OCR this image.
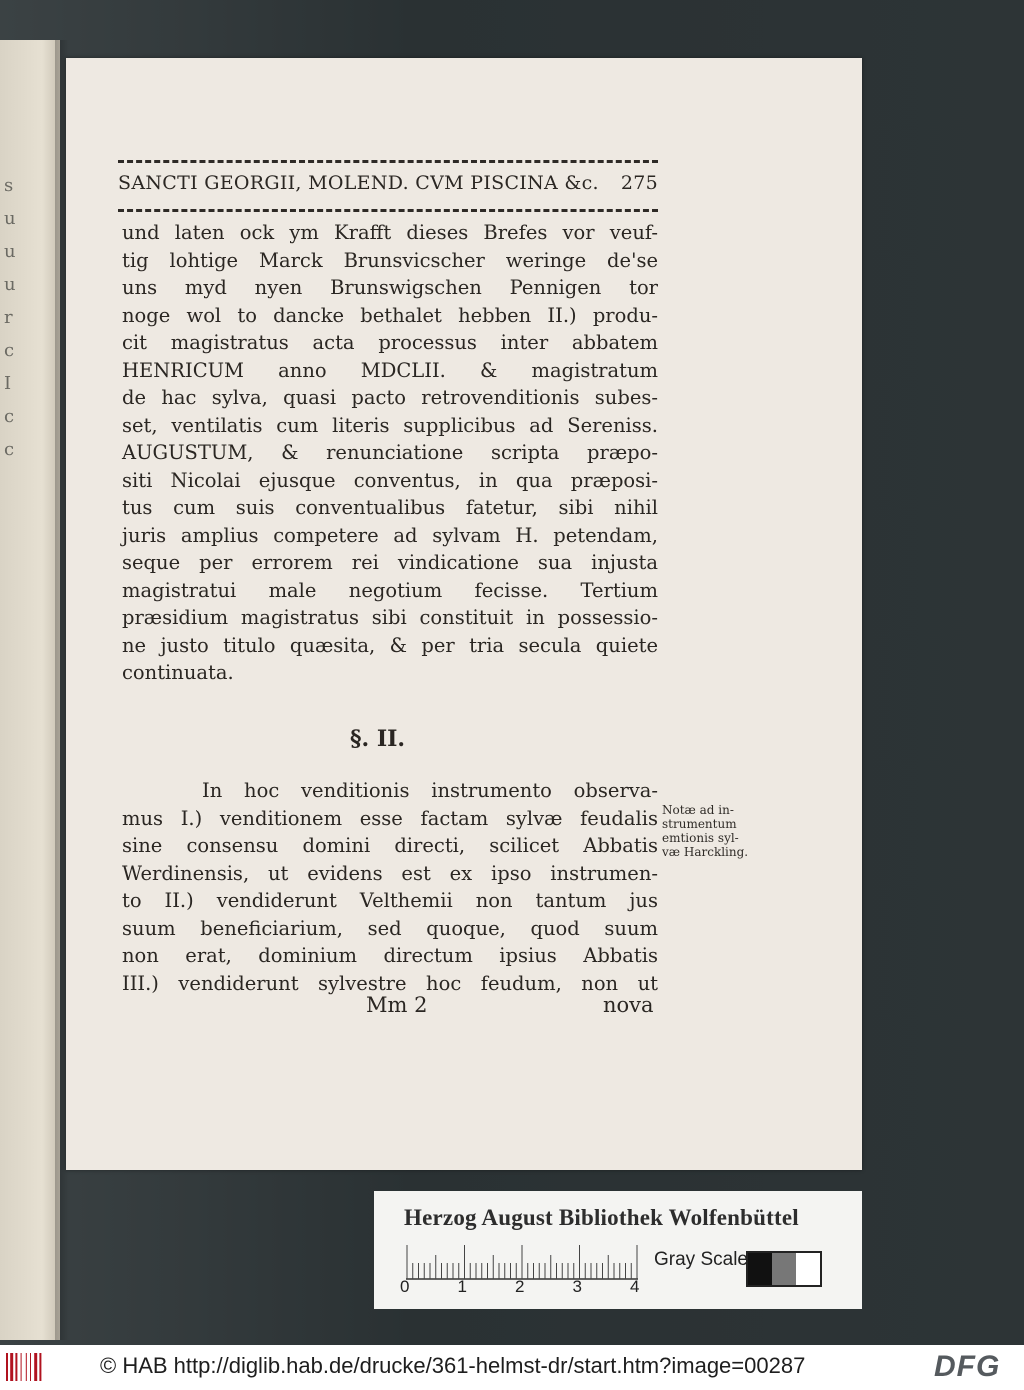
s
u
u
u
r
c
I
c
c
SANCTI GEORGII, MOLEND. CVM PISCINA &c. 275
und laten ock ym Krafft dieses Brefes vor veuf-
tig lohtige Marck Brunsvicscher weringe de'se
uns myd nyen Brunswigschen Pennigen tor
noge wol to dancke bethalet hebben II.) produ-
cit magistratus acta processus inter abbatem
HENRICUM anno MDCLII. & magistratum
de hac sylva, quasi pacto retrovenditionis subes-
set, ventilatis cum literis supplicibus ad Sereniss.
AUGUSTUM, & renunciatione scripta præpo-
siti Nicolai ejusque conventus, in qua præposi-
tus cum suis conventualibus fatetur, sibi nihil
juris amplius competere ad sylvam H. petendam,
seque per errorem rei vindicatione sua injusta
magistratui male negotium fecisse. Tertium
præsidium magistratus sibi constituit in possessio-
ne justo titulo quæsita, & per tria secula quiete
continuata.
§. II.
In hoc venditionis instrumento observa-
mus I.) venditionem esse factam sylvæ feudalis
sine consensu domini directi, scilicet Abbatis
Werdinensis, ut evidens est ex ipso instrumen-
to II.) vendiderunt Velthemii non tantum jus
suum beneficiarium, sed quoque, quod suum
non erat, dominium directum ipsius Abbatis
III.) vendiderunt sylvestre hoc feudum, non ut
Mm 2	nova
Notæ ad in-
strumentum
emtionis syl-
væ Harckling.
Herzog August Bibliothek Wolfenbüttel
0	1	2	3	4
Gray Scale
© HAB http://diglib.hab.de/drucke/361-helmst-dr/start.htm?image=00287	DFG
